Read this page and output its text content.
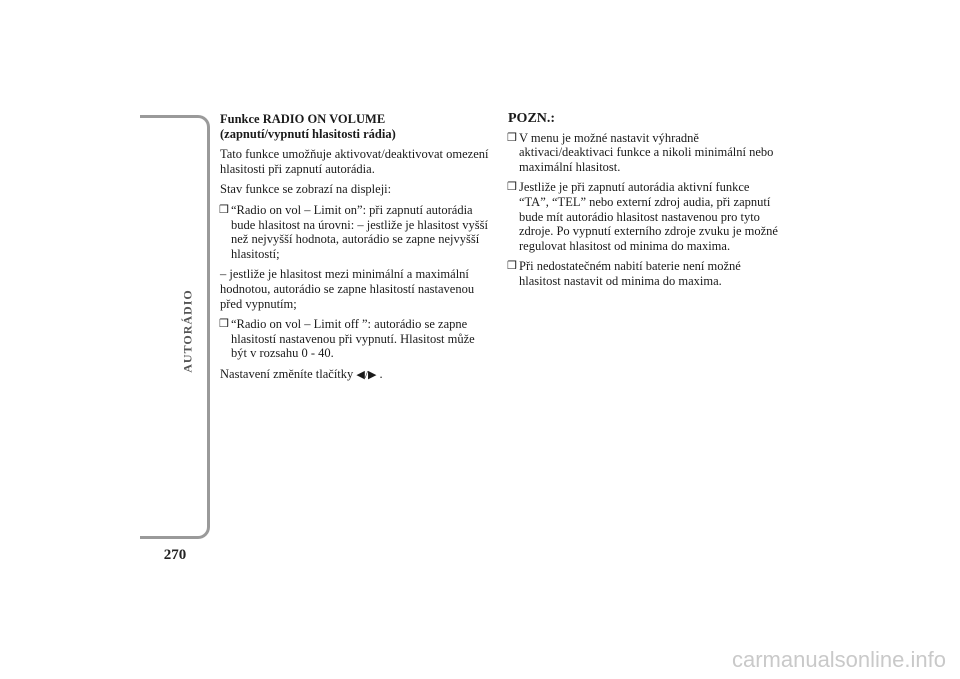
AUTORÁDIO
270
Funkce RADIO ON VOLUME
(zapnutí/vypnutí hlasitosti rádia)

Tato funkce umožňuje aktivovat/deaktivovat omezení hlasitosti při zapnutí autorádia.

Stav funkce se zobrazí na displeji:

❒ “Radio on vol – Limit on”: při zapnutí autorádia bude hlasitost na úrovni: – jestliže je hlasitost vyšší než nejvyšší hodnota, autorádio se zapne nejvyšší hlasitostí;

– jestliže je hlasitost mezi minimální a maximální hodnotou, autorádio se zapne hlasitostí nastavenou před vypnutím;

❒ “Radio on vol – Limit off ”: autorádio se zapne hlasitostí nastavenou při vypnutí. Hlasitost může být v rozsahu 0 - 40.

Nastavení změníte tlačítky ◀/▶ .

POZN.:
❒ V menu je možné nastavit výhradně aktivaci/deaktivaci funkce a nikoli minimální nebo maximální hlasitost.
❒ Jestliže je při zapnutí autorádia aktivní funkce “TA”, “TEL” nebo externí zdroj audia, při zapnutí bude mít autorádio hlasitost nastavenou pro tyto zdroje. Po vypnutí externího zdroje zvuku je možné regulovat hlasitost od minima do maxima.
❒ Při nedostatečném nabití baterie není možné hlasitost nastavit od minima do maxima.
carmanualsonline.info
